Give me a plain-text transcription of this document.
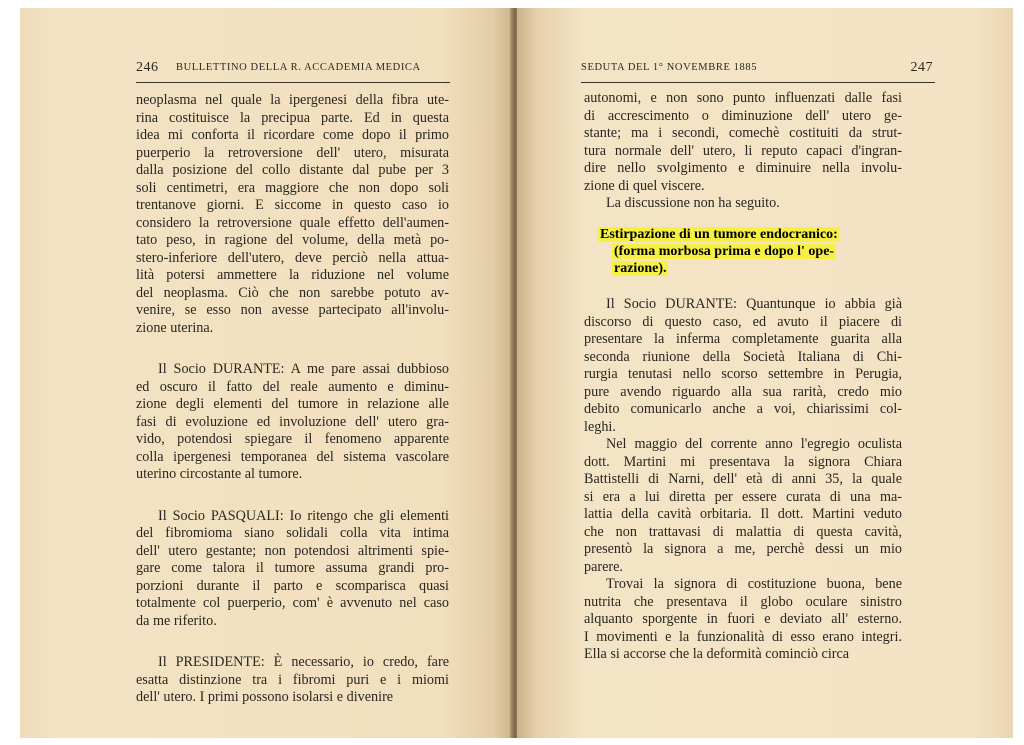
246 BULLETTINO DELLA R. ACCADEMIA MEDICA
neoplasma nel quale la ipergenesi della fibra ute-
rina costituisce la precipua parte. Ed in questa
idea mi conforta il ricordare come dopo il primo
puerperio la retroversione dell' utero, misurata
dalla posizione del collo distante dal pube per 3
soli centimetri, era maggiore che non dopo soli
trentanove giorni. E siccome in questo caso io
considero la retroversione quale effetto dell'aumen-
tato peso, in ragione del volume, della metà po-
stero-inferiore dell'utero, deve perciò nella attua-
lità potersi ammettere la riduzione nel volume
del neoplasma. Ciò che non sarebbe potuto av-
venire, se esso non avesse partecipato all'involu-
zione uterina.
Il Socio DURANTE: A me pare assai dubbioso
ed oscuro il fatto del reale aumento e diminu-
zione degli elementi del tumore in relazione alle
fasi di evoluzione ed involuzione dell' utero gra-
vido, potendosi spiegare il fenomeno apparente
colla ipergenesi temporanea del sistema vascolare
uterino circostante al tumore.
Il Socio PASQUALI: Io ritengo che gli elementi
del fibromioma siano solidali colla vita intima
dell' utero gestante; non potendosi altrimenti spie-
gare come talora il tumore assuma grandi pro-
porzioni durante il parto e scomparisca quasi
totalmente col puerperio, com' è avvenuto nel caso
da me riferito.
Il PRESIDENTE: È necessario, io credo, fare
esatta distinzione tra i fibromi puri e i miomi
dell' utero. I primi possono isolarsi e divenire
SEDUTA DEL 1° NOVEMBRE 1885	247
autonomi, e non sono punto influenzati dalle fasi
di accrescimento o diminuzione dell' utero ge-
stante; ma i secondi, comechè costituiti da strut-
tura normale dell' utero, li reputo capaci d'ingran-
dire nello svolgimento e diminuire nella involu-
zione di quel viscere.
La discussione non ha seguito.
Estirpazione di un tumore endocranico:
(forma morbosa prima e dopo l' ope-
razione).
Il Socio DURANTE: Quantunque io abbia già
discorso di questo caso, ed avuto il piacere di
presentare la inferma completamente guarita alla
seconda riunione della Società Italiana di Chi-
rurgia tenutasi nello scorso settembre in Perugia,
pure avendo riguardo alla sua rarità, credo mio
debito comunicarlo anche a voi, chiarissimi col-
leghi.
Nel maggio del corrente anno l'egregio oculista
dott. Martini mi presentava la signora Chiara
Battistelli di Narni, dell' età di anni 35, la quale
si era a lui diretta per essere curata di una ma-
lattia della cavità orbitaria. Il dott. Martini veduto
che non trattavasi di malattia di questa cavità,
presentò la signora a me, perchè dessi un mio
parere.
Trovai la signora di costituzione buona, bene
nutrita che presentava il globo oculare sinistro
alquanto sporgente in fuori e deviato all' esterno.
I movimenti e la funzionalità di esso erano integri.
Ella si accorse che la deformità cominciò circa
